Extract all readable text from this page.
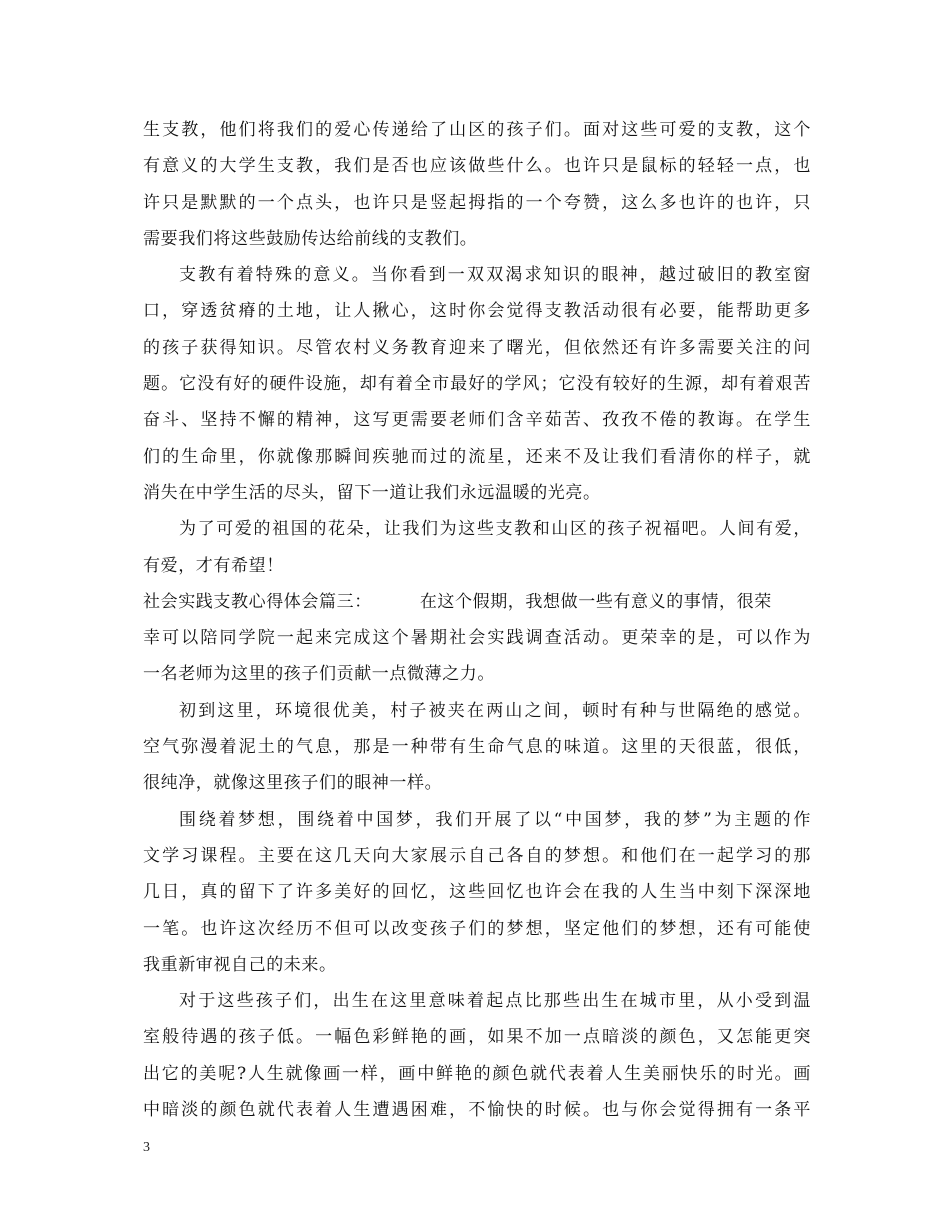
生支教，他们将我们的爱心传递给了山区的孩子们。面对这些可爱的支教，这个
有意义的大学生支教，我们是否也应该做些什么。也许只是鼠标的轻轻一点，也
许只是默默的一个点头，也许只是竖起拇指的一个夸赞，这么多也许的也许，只
需要我们将这些鼓励传达给前线的支教们。
支教有着特殊的意义。当你看到一双双渴求知识的眼神，越过破旧的教室窗
口，穿透贫瘠的土地，让人揪心，这时你会觉得支教活动很有必要，能帮助更多
的孩子获得知识。尽管农村义务教育迎来了曙光，但依然还有许多需要关注的问
题。它没有好的硬件设施，却有着全市最好的学风；它没有较好的生源，却有着艰苦
奋斗、坚持不懈的精神，这写更需要老师们含辛茹苦、孜孜不倦的教诲。在学生
们的生命里，你就像那瞬间疾驰而过的流星，还来不及让我们看清你的样子，就
消失在中学生活的尽头，留下一道让我们永远温暖的光亮。
为了可爱的祖国的花朵，让我们为这些支教和山区的孩子祝福吧。人间有爱，
有爱，才有希望！
社会实践支教心得体会篇三：	在这个假期，我想做一些有意义的事情，很荣
幸可以陪同学院一起来完成这个暑期社会实践调查活动。更荣幸的是，可以作为
一名老师为这里的孩子们贡献一点微薄之力。
初到这里，环境很优美，村子被夹在两山之间，顿时有种与世隔绝的感觉。
空气弥漫着泥土的气息，那是一种带有生命气息的味道。这里的天很蓝，很低，
很纯净，就像这里孩子们的眼神一样。
围绕着梦想，围绕着中国梦，我们开展了以“中国梦，我的梦”为主题的作
文学习课程。主要在这几天向大家展示自己各自的梦想。和他们在一起学习的那
几日，真的留下了许多美好的回忆，这些回忆也许会在我的人生当中刻下深深地
一笔。也许这次经历不但可以改变孩子们的梦想，坚定他们的梦想，还有可能使
我重新审视自己的未来。
对于这些孩子们，出生在这里意味着起点比那些出生在城市里，从小受到温
室般待遇的孩子低。一幅色彩鲜艳的画，如果不加一点暗淡的颜色，又怎能更突
出它的美呢?人生就像画一样，画中鲜艳的颜色就代表着人生美丽快乐的时光。画
中暗淡的颜色就代表着人生遭遇困难，不愉快的时候。也与你会觉得拥有一条平
3
